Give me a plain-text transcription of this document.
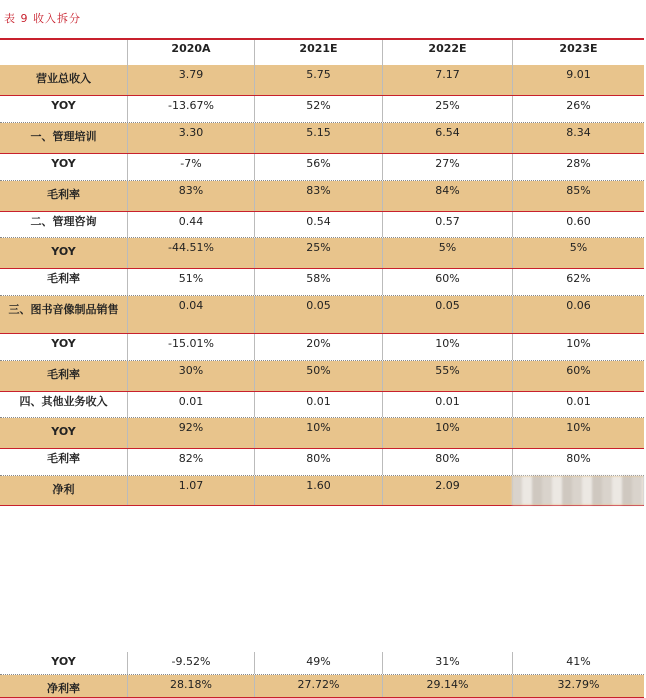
表 9 收入拆分
2020A	2021E	2022E	2023E
营业总收入	3.79	5.75	7.17	9.01
YOY	-13.67%	52%	25%	26%
一、管理培训	3.30	5.15	6.54	8.34
YOY	-7%	56%	27%	28%
毛利率	83%	83%	84%	85%
二、管理咨询	0.44	0.54	0.57	0.60
YOY	-44.51%	25%	5%	5%
毛利率	51%	58%	60%	62%
三、图书音像制品销售	0.04	0.05	0.05	0.06
YOY	-15.01%	20%	10%	10%
毛利率	30%	50%	55%	60%
四、其他业务收入	0.01	0.01	0.01	0.01
YOY	92%	10%	10%	10%
毛利率	82%	80%	80%	80%
净利	1.07	1.60	2.09
YOY	-9.52%	49%	31%	41%
净利率	28.18%	27.72%	29.14%	32.79%
